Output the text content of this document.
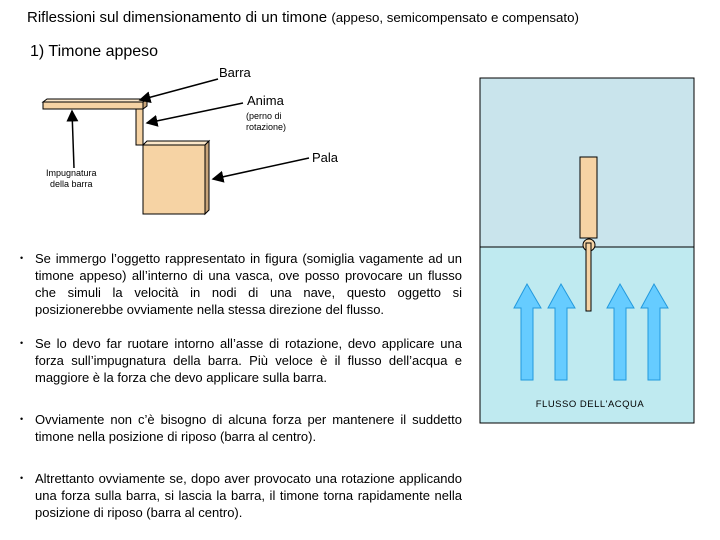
Riflessioni sul dimensionamento di un timone (appeso, semicompensato e compensato)
1) Timone appeso
Barra
Anima
(perno di
rotazione)
Pala
Impugnatura
della barra
FLUSSO DELL'ACQUA
• Se immergo l’oggetto rappresentato in figura (somiglia vagamente ad un timone appeso) all’interno di una vasca, ove posso provocare un flusso che simuli la velocità in nodi di una nave, questo oggetto si posizionerebbe ovviamente nella stessa direzione del flusso.
• Se lo devo far ruotare intorno all’asse di rotazione, devo applicare una forza sull’impugnatura della barra. Più veloce è il flusso dell’acqua e maggiore è la forza che devo applicare sulla barra.
• Ovviamente non c’è bisogno di alcuna forza per mantenere il suddetto timone nella posizione di riposo (barra al centro).
• Altrettanto ovviamente se, dopo aver provocato una rotazione applicando una forza sulla barra, si lascia la barra, il timone torna rapidamente nella posizione di riposo (barra al centro).
